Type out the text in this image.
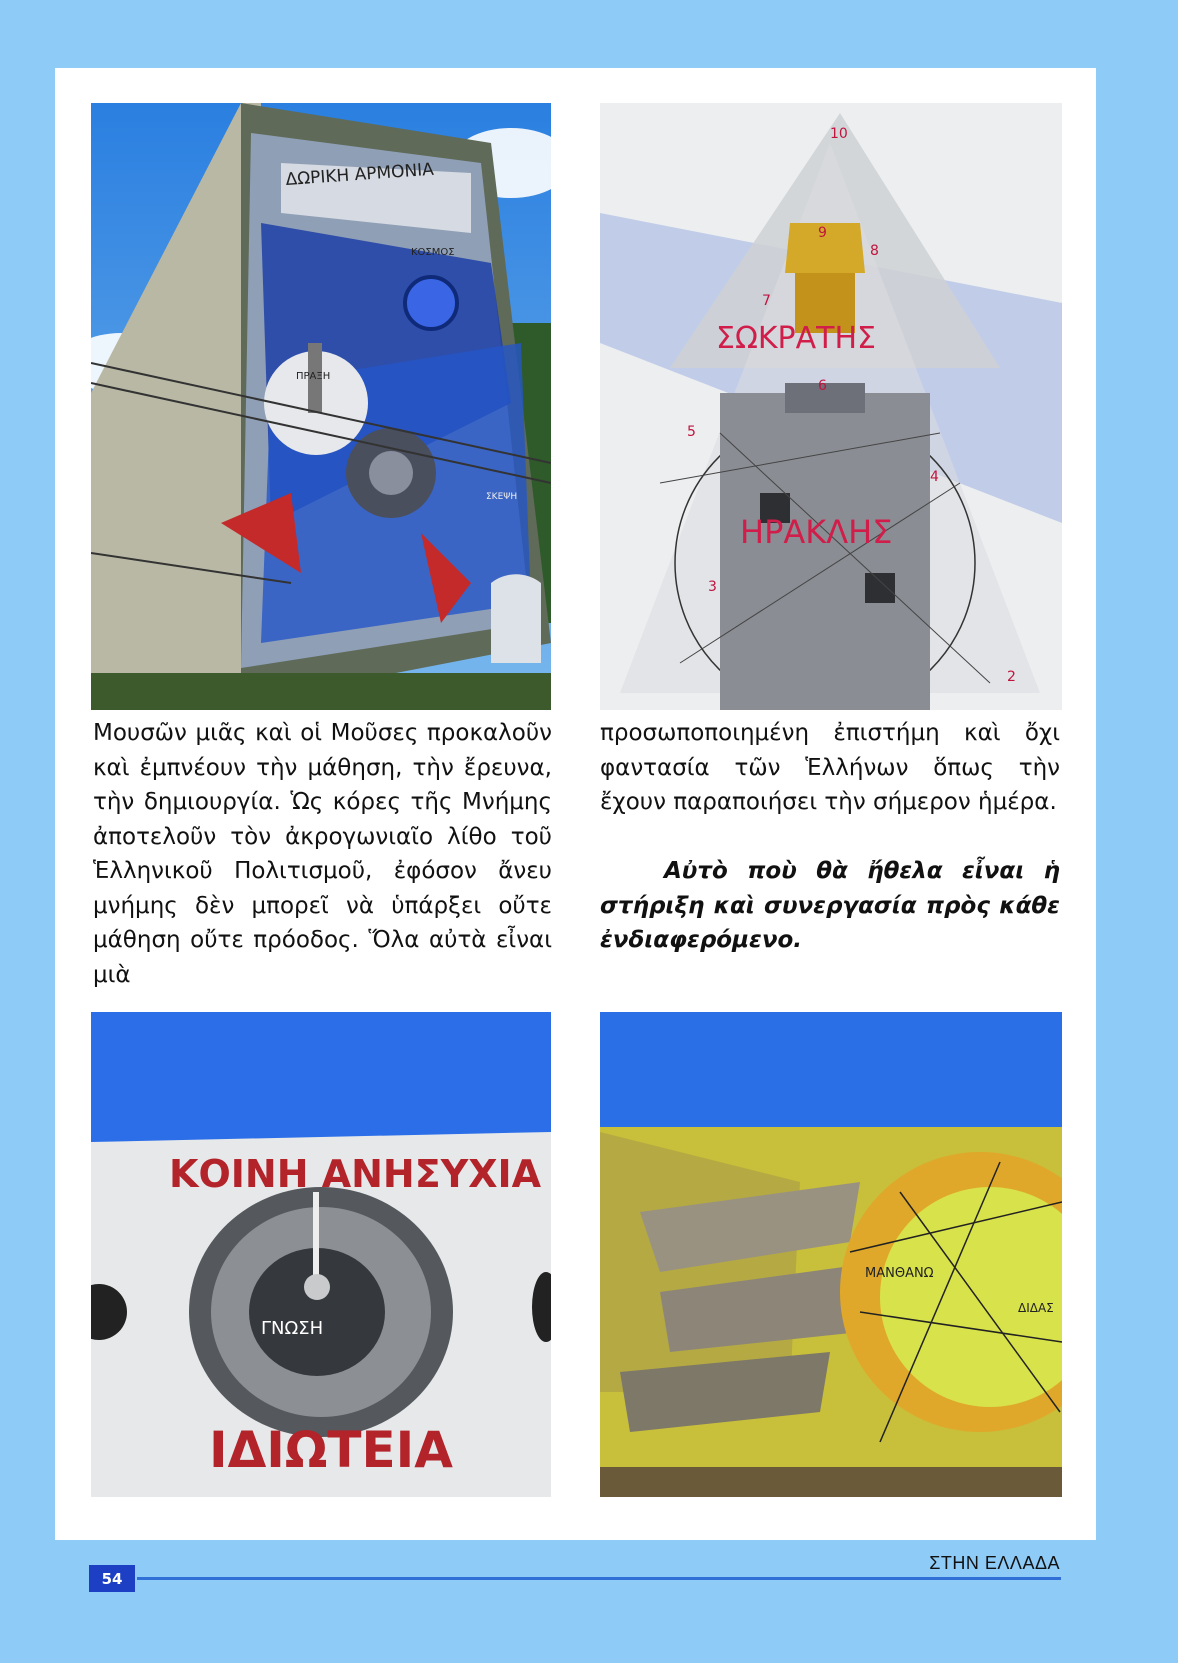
ΔΩΡΙΚΗ ΑΡΜΟΝΙΑ
ΚΟΣΜΟΣ
ΠΡΑΞΗ
ΣΚΕΨΗ
ΣΩΚΡΑΤΗΣ
ΗΡΑΚΛΗΣ
10
9
8
7
6
5
4
3
2
ΚΟΙΝΗ ΑΝΗΣΥΧΙΑ
ΓΝΩΣΗ
ΙΔΙΩΤΕΙΑ
ΜΑΝΘΑΝΩ
ΔΙΔΑΣ

Μουσῶν μιᾶς καὶ οἱ Μοῦσες προκαλοῦν καὶ ἐμπνέουν τὴν μάθηση, τὴν ἔρευνα, τὴν δημιουργία. Ὡς κόρες τῆς Μνήμης ἀποτελοῦν τὸν ἀκρογωνιαῖο λίθο τοῦ Ἑλληνικοῦ Πολιτισμοῦ, ἐφόσον ἄνευ μνήμης δὲν μπορεῖ νὰ ὑπάρξει οὔτε μάθηση οὔτε πρόοδος. Ὅλα αὐτὰ εἶναι μιὰ

προσωποποιημένη ἐπιστήμη καὶ ὄχι φαντασία τῶν Ἑλλήνων ὅπως τὴν ἔχουν παραποιήσει τὴν σήμερον ἡμέρα.

Αὐτὸ ποὺ θὰ ἤθελα εἶναι ἡ στήριξη καὶ συνεργασία πρὸς κάθε ἐνδιαφερόμενο.

54
ΣΤΗΝ ΕΛΛΑΔΑ
